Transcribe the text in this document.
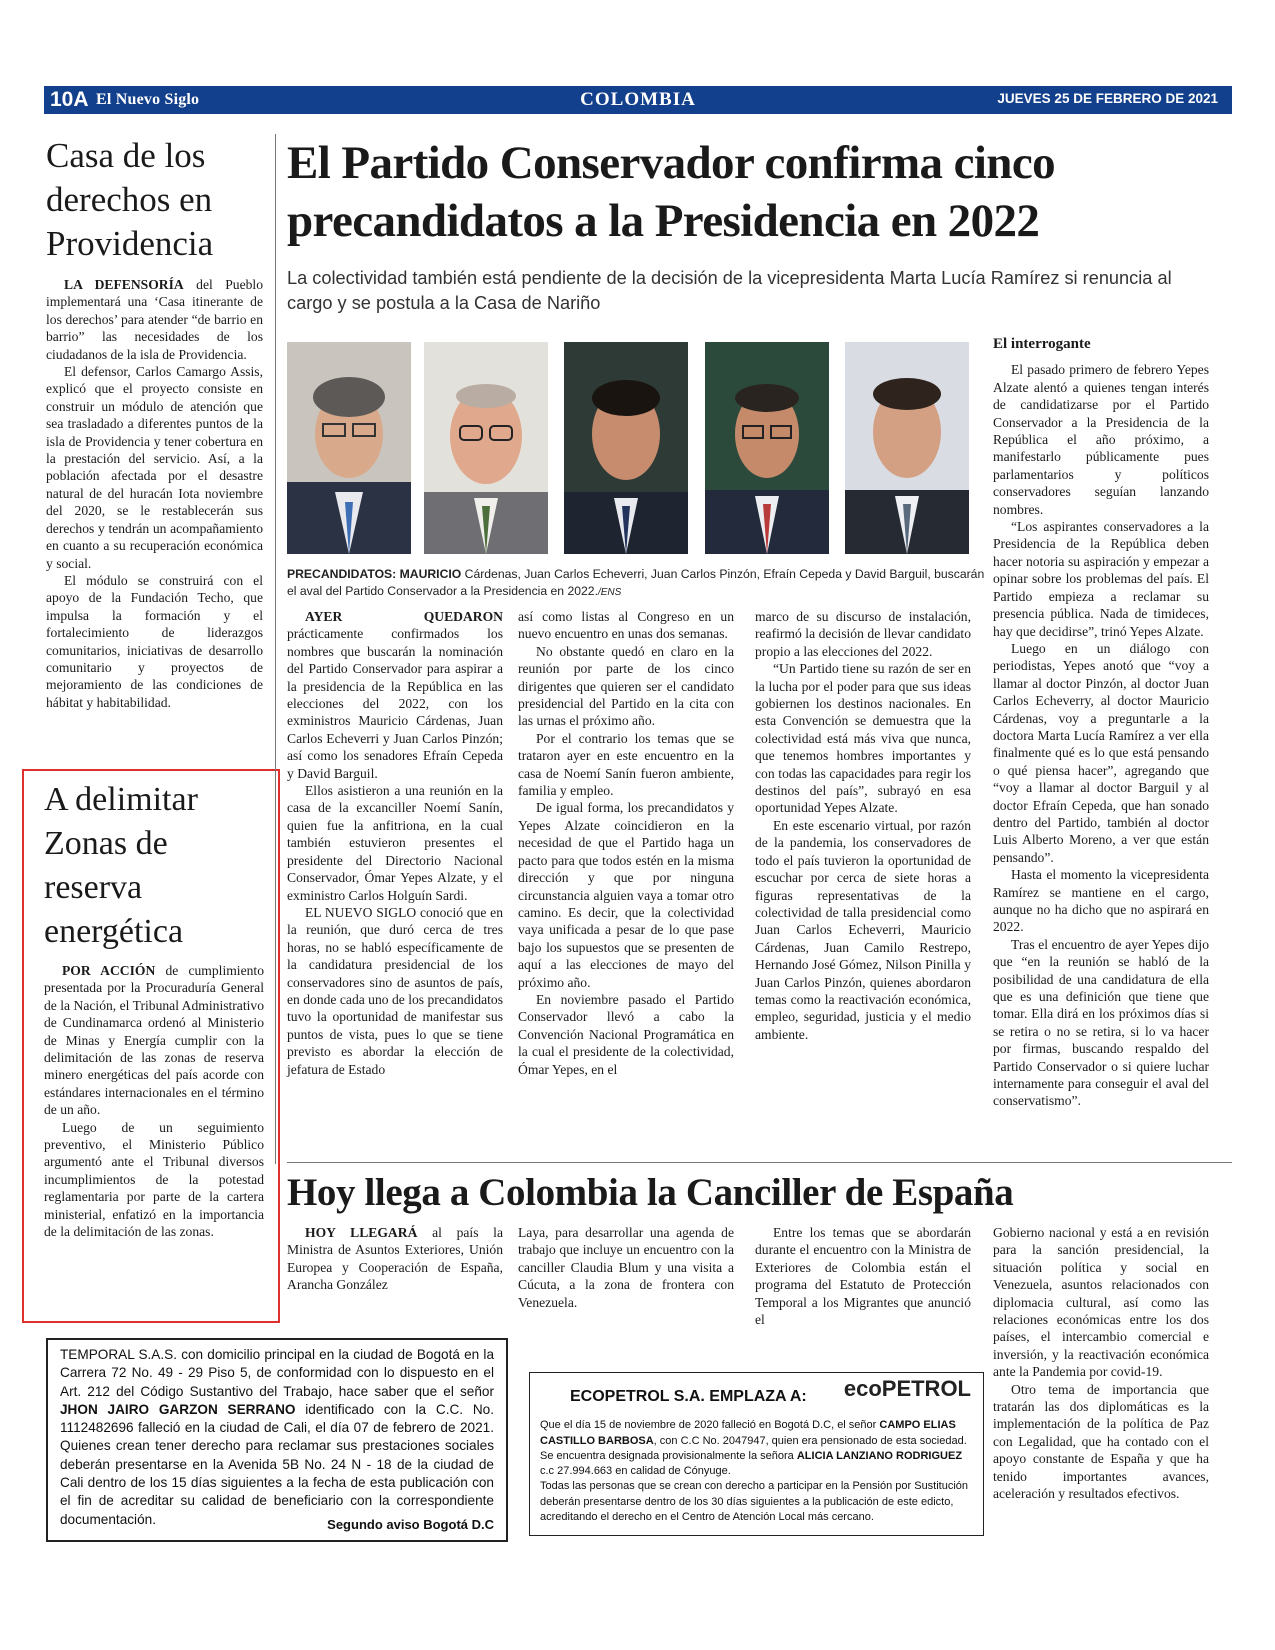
10A El Nuevo Siglo	COLOMBIA	JUEVES 25 DE FEBRERO DE 2021
Casa de los derechos en Providencia

LA DEFENSORÍA del Pueblo implementará una ‘Casa itinerante de los derechos’ para atender “de barrio en barrio” las necesidades de los ciudadanos de la isla de Providencia.

El defensor, Carlos Camargo Assis, explicó que el proyecto consiste en construir un módulo de atención que sea trasladado a diferentes puntos de la isla de Providencia y tener cobertura en la prestación del servicio. Así, a la población afectada por el desastre natural de del huracán Iota noviembre del 2020, se le restablecerán sus derechos y tendrán un acompañamiento en cuanto a su recuperación económica y social.

El módulo se construirá con el apoyo de la Fundación Techo, que impulsa la formación y el fortalecimiento de liderazgos comunitarios, iniciativas de desarrollo comunitario y proyectos de mejoramiento de las condiciones de hábitat y habitabilidad.

A delimitar Zonas de reserva energética

POR ACCIÓN de cumplimiento presentada por la Procuraduría General de la Nación, el Tribunal Administrativo de Cundinamarca ordenó al Ministerio de Minas y Energía cumplir con la delimitación de las zonas de reserva minero energéticas del país acorde con estándares internacionales en el término de un año.

Luego de un seguimiento preventivo, el Ministerio Público argumentó ante el Tribunal diversos incumplimientos de la potestad reglamentaria por parte de la cartera ministerial, enfatizó en la importancia de la delimitación de las zonas.

El Partido Conservador confirma cinco precandidatos a la Presidencia en 2022
La colectividad también está pendiente de la decisión de la vicepresidenta Marta Lucía Ramírez si renuncia al cargo y se postula a la Casa de Nariño
PRECANDIDATOS: MAURICIO Cárdenas, Juan Carlos Echeverri, Juan Carlos Pinzón, Efraín Cepeda y David Barguil, buscarán el aval del Partido Conservador a la Presidencia en 2022./ENS

AYER QUEDARON prácticamente confirmados los nombres que buscarán la nominación del Partido Conservador para aspirar a la presidencia de la República en las elecciones del 2022, con los exministros Mauricio Cárdenas, Juan Carlos Echeverri y Juan Carlos Pinzón; así como los senadores Efraín Cepeda y David Barguil.

Ellos asistieron a una reunión en la casa de la excanciller Noemí Sanín, quien fue la anfitriona, en la cual también estuvieron presentes el presidente del Directorio Nacional Conservador, Ómar Yepes Alzate, y el exministro Carlos Holguín Sardi.

EL NUEVO SIGLO conoció que en la reunión, que duró cerca de tres horas, no se habló específicamente de la candidatura presidencial de los conservadores sino de asuntos de país, en donde cada uno de los precandidatos tuvo la oportunidad de manifestar sus puntos de vista, pues lo que se tiene previsto es abordar la elección de jefatura de Estado

así como listas al Congreso en un nuevo encuentro en unas dos semanas.

No obstante quedó en claro en la reunión por parte de los cinco dirigentes que quieren ser el candidato presidencial del Partido en la cita con las urnas el próximo año.

Por el contrario los temas que se trataron ayer en este encuentro en la casa de Noemí Sanín fueron ambiente, familia y empleo.

De igual forma, los precandidatos y Yepes Alzate coincidieron en la necesidad de que el Partido haga un pacto para que todos estén en la misma dirección y que por ninguna circunstancia alguien vaya a tomar otro camino. Es decir, que la colectividad vaya unificada a pesar de lo que pase bajo los supuestos que se presenten de aquí a las elecciones de mayo del próximo año.

En noviembre pasado el Partido Conservador llevó a cabo la Convención Nacional Programática en la cual el presidente de la colectividad, Ómar Yepes, en el

marco de su discurso de instalación, reafirmó la decisión de llevar candidato propio a las elecciones del 2022.

“Un Partido tiene su razón de ser en la lucha por el poder para que sus ideas gobiernen los destinos nacionales. En esta Convención se demuestra que la colectividad está más viva que nunca, que tenemos hombres importantes y con todas las capacidades para regir los destinos del país”, subrayó en esa oportunidad Yepes Alzate.

En este escenario virtual, por razón de la pandemia, los conservadores de todo el país tuvieron la oportunidad de escuchar por cerca de siete horas a figuras representativas de la colectividad de talla presidencial como Juan Carlos Echeverri, Mauricio Cárdenas, Juan Camilo Restrepo, Hernando José Gómez, Nilson Pinilla y Juan Carlos Pinzón, quienes abordaron temas como la reactivación económica, empleo, seguridad, justicia y el medio ambiente.

El interrogante

El pasado primero de febrero Yepes Alzate alentó a quienes tengan interés de candidatizarse por el Partido Conservador a la Presidencia de la República el año próximo, a manifestarlo públicamente pues parlamentarios y políticos conservadores seguían lanzando nombres.

“Los aspirantes conservadores a la Presidencia de la República deben hacer notoria su aspiración y empezar a opinar sobre los problemas del país. El Partido empieza a reclamar su presencia pública. Nada de timideces, hay que decidirse”, trinó Yepes Alzate.

Luego en un diálogo con periodistas, Yepes anotó que “voy a llamar al doctor Pinzón, al doctor Juan Carlos Echeverry, al doctor Mauricio Cárdenas, voy a preguntarle a la doctora Marta Lucía Ramírez a ver ella finalmente qué es lo que está pensando o qué piensa hacer”, agregando que “voy a llamar al doctor Barguil y al doctor Efraín Cepeda, que han sonado dentro del Partido, también al doctor Luis Alberto Moreno, a ver que están pensando”.

Hasta el momento la vicepresidenta Ramírez se mantiene en el cargo, aunque no ha dicho que no aspirará en 2022.

Tras el encuentro de ayer Yepes dijo que “en la reunión se habló de la posibilidad de una candidatura de ella que es una definición que tiene que tomar. Ella dirá en los próximos días si se retira o no se retira, si lo va hacer por firmas, buscando respaldo del Partido Conservador o si quiere luchar internamente para conseguir el aval del conservatismo”.

Hoy llega a Colombia la Canciller de España

HOY LLEGARÁ al país la Ministra de Asuntos Exteriores, Unión Europea y Cooperación de España, Arancha González

Laya, para desarrollar una agenda de trabajo que incluye un encuentro con la canciller Claudia Blum y una visita a Cúcuta, a la zona de frontera con Venezuela.

Entre los temas que se abordarán durante el encuentro con la Ministra de Exteriores de Colombia están el programa del Estatuto de Protección Temporal a los Migrantes que anunció el

Gobierno nacional y está a en revisión para la sanción presidencial, la situación política y social en Venezuela, asuntos relacionados con diplomacia cultural, así como las relaciones económicas entre los dos países, el intercambio comercial e inversión, y la reactivación económica ante la Pandemia por covid-19.

Otro tema de importancia que tratarán las dos diplomáticas es la implementación de la política de Paz con Legalidad, que ha contado con el apoyo constante de España y que ha tenido importantes avances, aceleración y resultados efectivos.

TEMPORAL S.A.S. con domicilio principal en la ciudad de Bogotá en la Carrera 72 No. 49 - 29 Piso 5, de conformidad con lo dispuesto en el Art. 212 del Código Sustantivo del Trabajo, hace saber que el señor JHON JAIRO GARZON SERRANO identificado con la C.C. No. 1112482696 falleció en la ciudad de Cali, el día 07 de febrero de 2021. Quienes crean tener derecho para reclamar sus prestaciones sociales deberán presentarse en la Avenida 5B No. 24 N - 18 de la ciudad de Cali dentro de los 15 días siguientes a la fecha de esta publicación con el fin de acreditar su calidad de beneficiario con la correspondiente documentación.	Segundo aviso Bogotá D.C
ECOPETROL S.A. EMPLAZA A:	ecoPETROL
Que el día 15 de noviembre de 2020 falleció en Bogotá D.C, el señor CAMPO ELIAS CASTILLO BARBOSA, con C.C No. 2047947, quien era pensionado de esta sociedad.
Se encuentra designada provisionalmente la señora ALICIA LANZIANO RODRIGUEZ c.c 27.994.663 en calidad de Cónyuge.
Todas las personas que se crean con derecho a participar en la Pensión por Sustitución deberán presentarse dentro de los 30 días siguientes a la publicación de este edicto, acreditando el derecho en el Centro de Atención Local más cercano.
